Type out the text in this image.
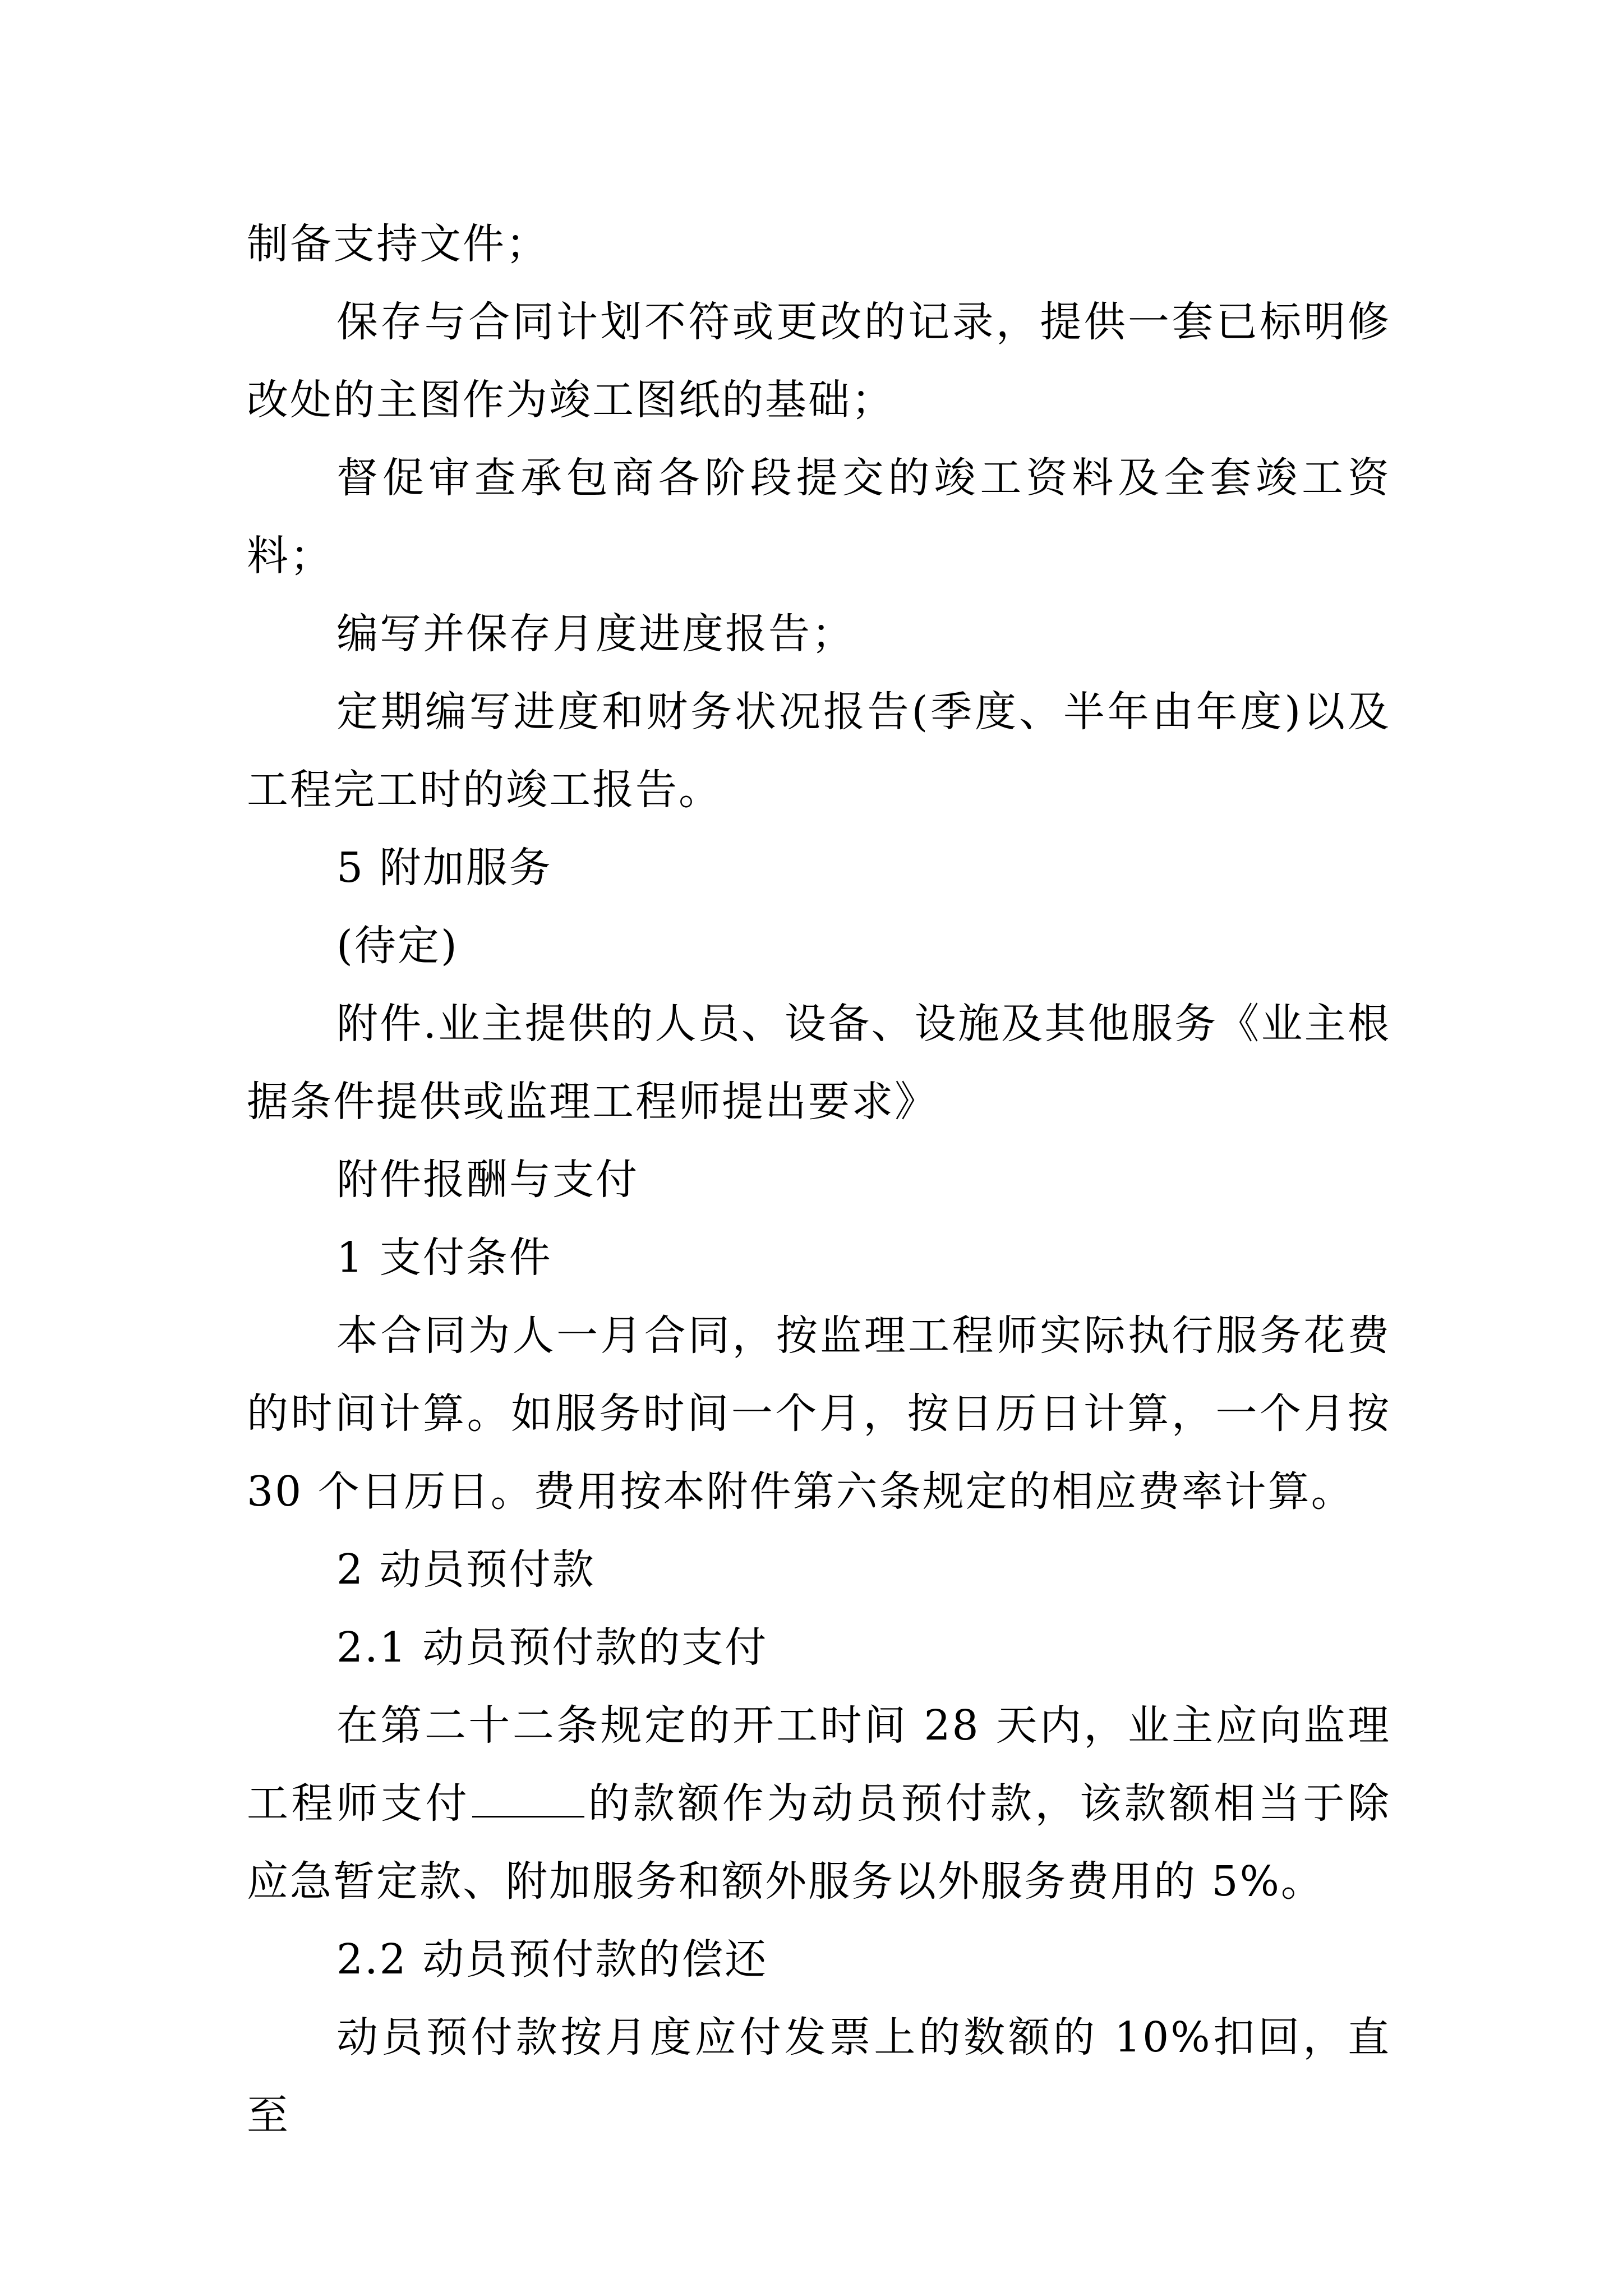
制备支持文件；

保存与合同计划不符或更改的记录，提供一套已标明修改处的主图作为竣工图纸的基础；

督促审查承包商各阶段提交的竣工资料及全套竣工资料；

编写并保存月度进度报告；

定期编写进度和财务状况报告(季度、半年由年度)以及工程完工时的竣工报告。

5 附加服务

(待定)

附件.业主提供的人员、设备、设施及其他服务《业主根据条件提供或监理工程师提出要求》

附件报酬与支付

1 支付条件

本合同为人一月合同，按监理工程师实际执行服务花费的时间计算。如服务时间一个月，按日历日计算，一个月按 30 个日历日。费用按本附件第六条规定的相应费率计算。

2 动员预付款

2.1 动员预付款的支付

在第二十二条规定的开工时间 28 天内，业主应向监理工程师支付	的款额作为动员预付款，该款额相当于除应急暂定款、附加服务和额外服务以外服务费用的 5%。

2.2 动员预付款的偿还

动员预付款按月度应付发票上的数额的 10%扣回，直至
